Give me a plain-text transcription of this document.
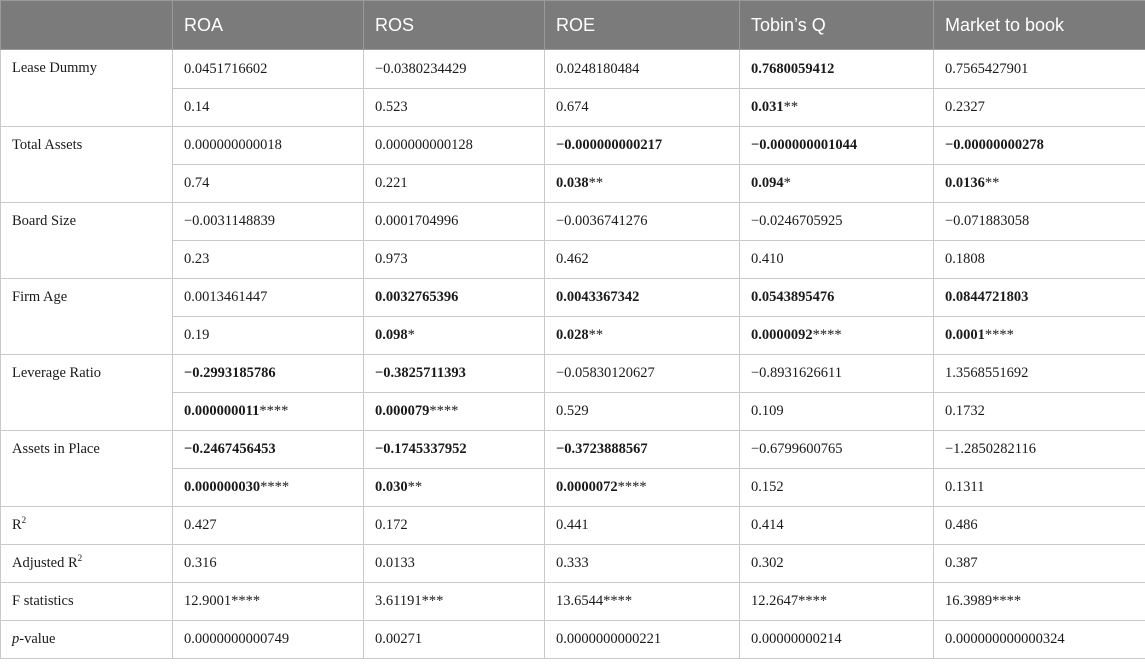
	ROA	ROS	ROE	Tobin’s Q	Market to book
Lease Dummy	0.0451716602	−0.0380234429	0.0248180484	0.7680059412	0.7565427901
	0.14	0.523	0.674	0.031**	0.2327
Total Assets	0.000000000018	0.000000000128	−0.000000000217	−0.000000001044	−0.00000000278
	0.74	0.221	0.038**	0.094*	0.0136**
Board Size	−0.0031148839	0.0001704996	−0.0036741276	−0.0246705925	−0.071883058
	0.23	0.973	0.462	0.410	0.1808
Firm Age	0.0013461447	0.0032765396	0.0043367342	0.0543895476	0.0844721803
	0.19	0.098*	0.028**	0.0000092****	0.0001****
Leverage Ratio	−0.2993185786	−0.3825711393	−0.05830120627	−0.8931626611	1.3568551692
	0.000000011****	0.000079****	0.529	0.109	0.1732
Assets in Place	−0.2467456453	−0.1745337952	−0.3723888567	−0.6799600765	−1.2850282116
	0.000000030****	0.030**	0.0000072****	0.152	0.1311
$R^2$	0.427	0.172	0.441	0.414	0.486
Adjusted $R^2$	0.316	0.0133	0.333	0.302	0.387
F statistics	12.9001****	3.61191***	13.6544****	12.2647****	16.3989****
p-value	0.0000000000749	0.00271	0.0000000000221	0.00000000214	0.000000000000324
